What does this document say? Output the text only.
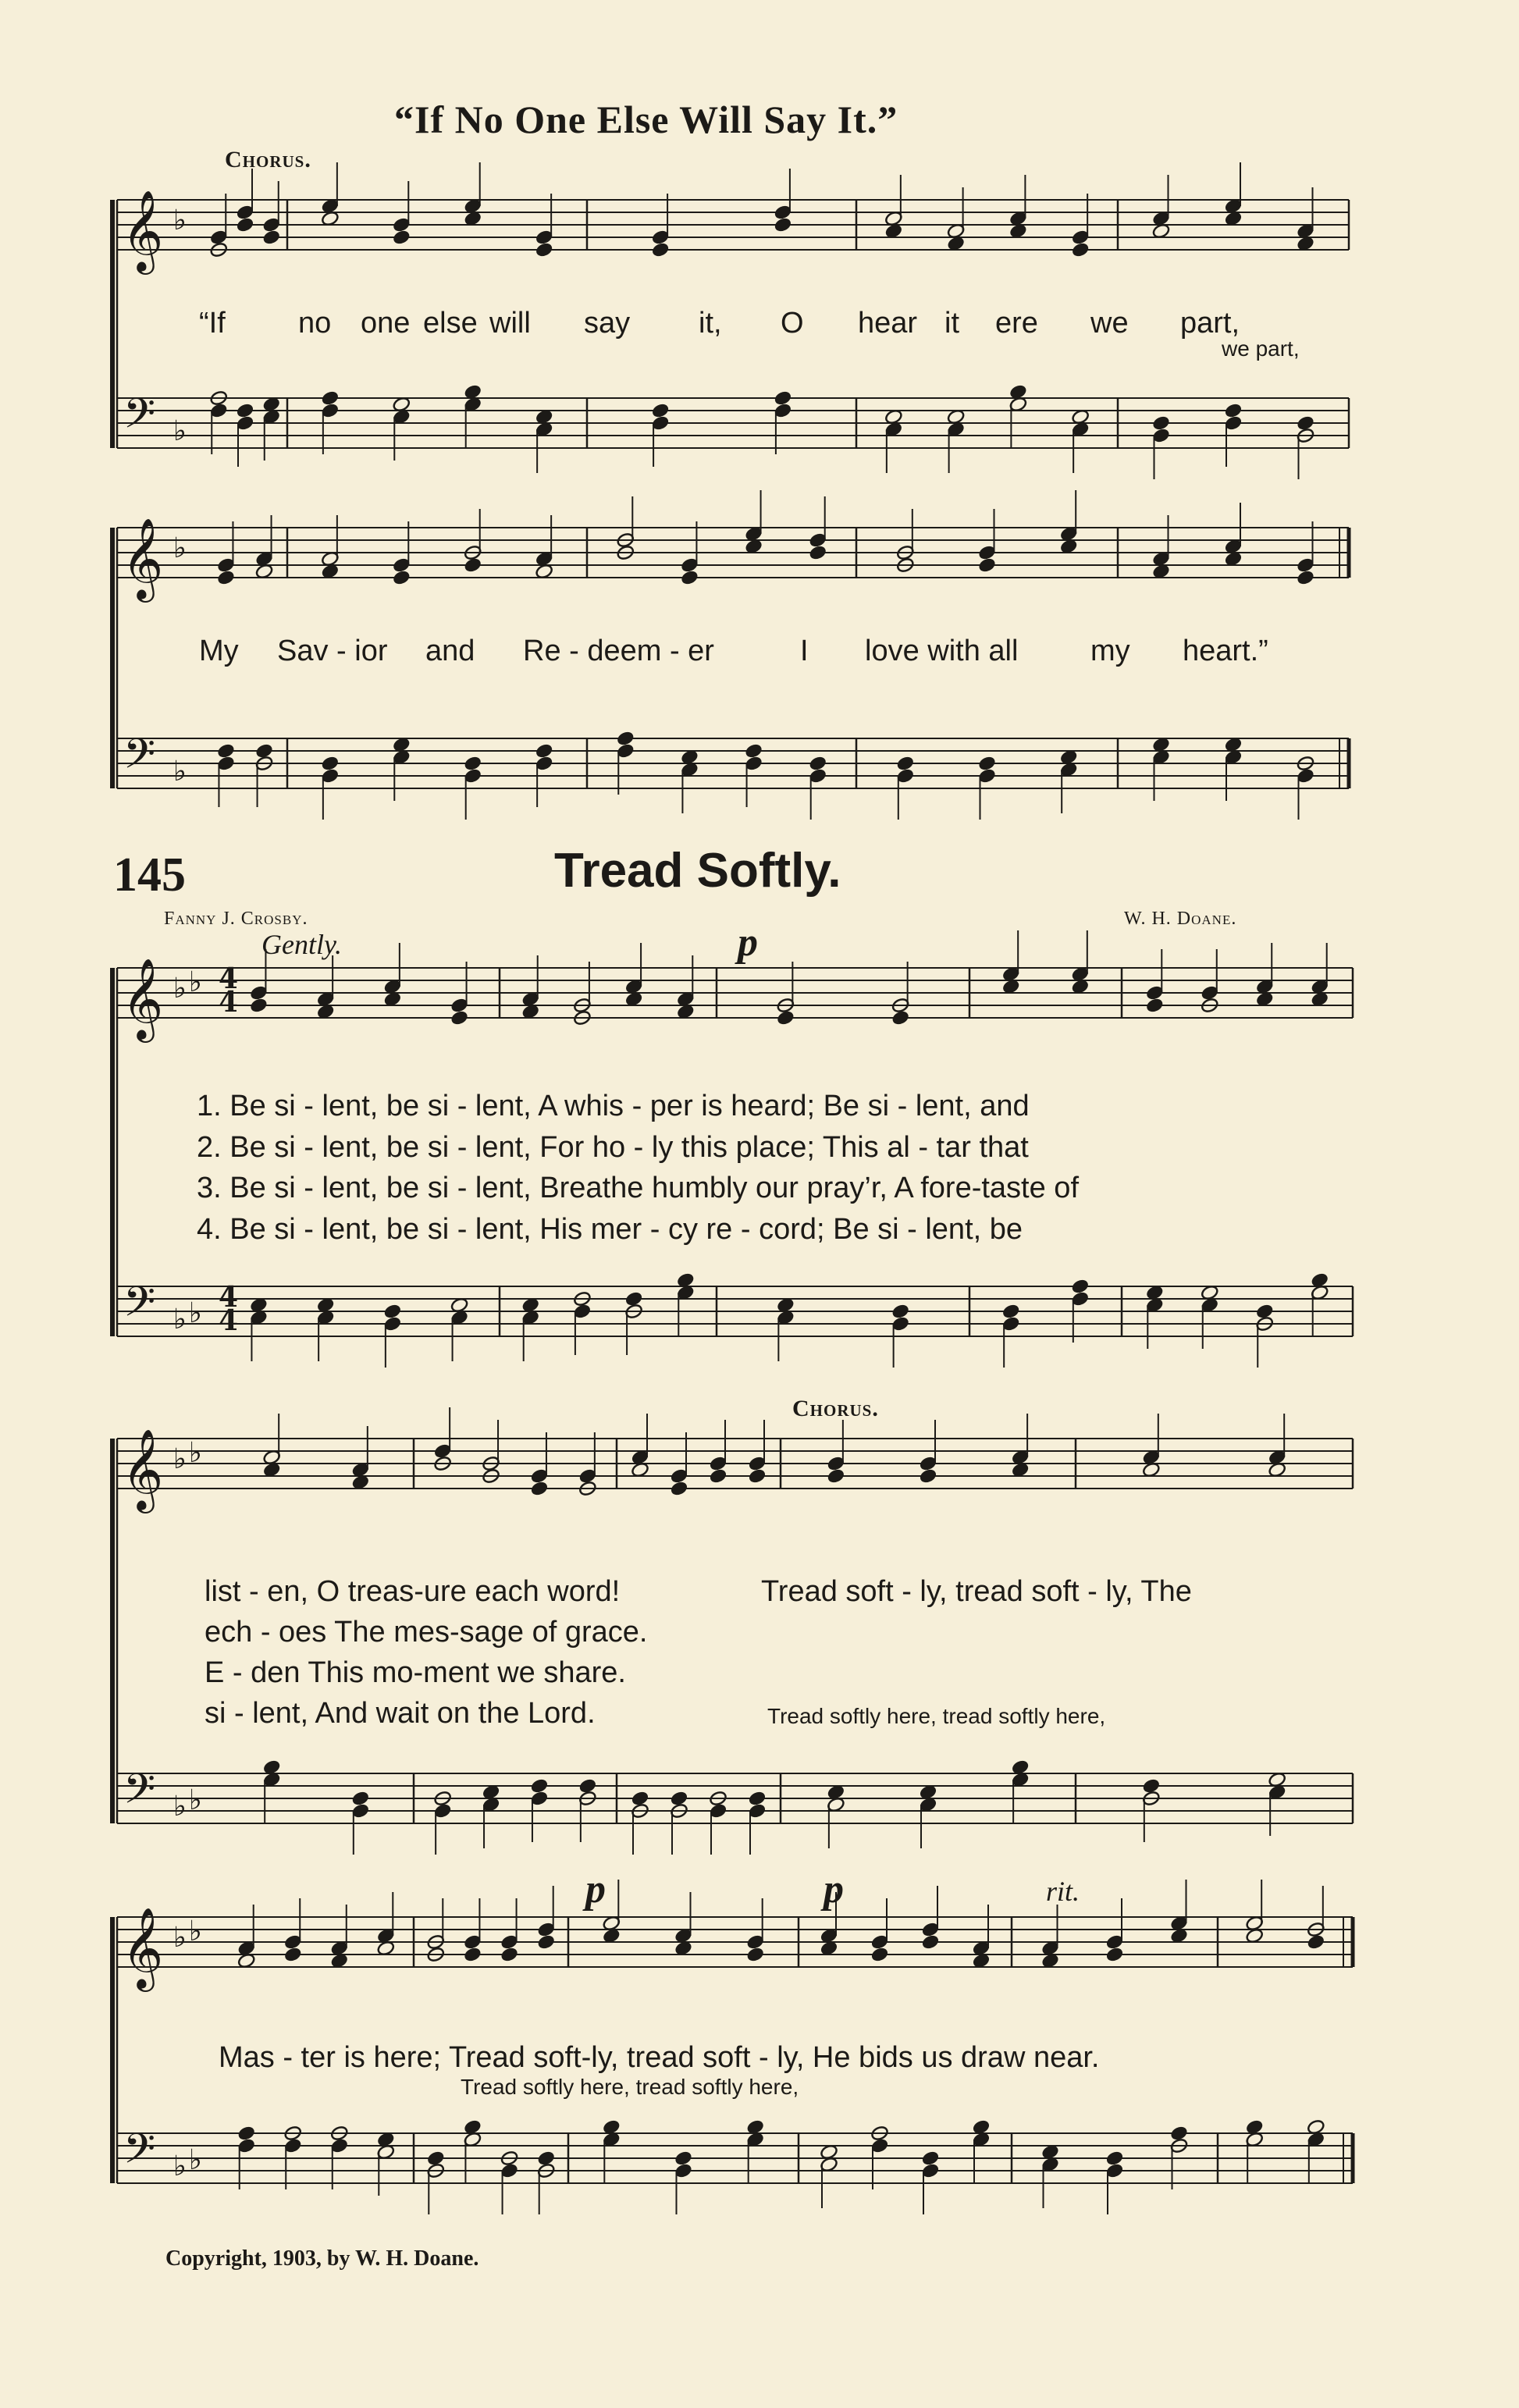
𝄞
𝄢
♭
♭
𝄞
𝄢
♭
♭
𝄞
𝄢
♭
♭
♭
♭
𝄞
𝄢
♭
♭
♭
♭
𝄞
𝄢
♭
♭
♭
♭
4
4
4
4
“If No One Else Will Say It.”
Chorus.
“If no one else will say it, O hear it ere we part,
we part,
My Sav - ior and Re - deem - er	I love with all my heart.”
145	Tread Softly.
Fanny J. Crosby.	W. H. Doane.
Gently.	p
1. Be si - lent, be si - lent, A whis - per is heard; Be si - lent, and
2. Be si - lent, be si - lent, For ho - ly this place; This al - tar that
3. Be si - lent, be si - lent, Breathe humbly our pray’r, A fore-taste of
4. Be si - lent, be si - lent, His mer - cy re - cord; Be si - lent, be
Chorus.
list - en, O treas-ure each word!
ech - oes The mes-sage of grace.
E - den This mo-ment we share.
si - lent, And wait on the Lord.
Tread soft - ly, tread soft - ly, The
Tread softly here, tread softly here,
p	p	rit.
Mas - ter is here; Tread soft-ly, tread soft - ly, He bids us draw near.
Tread softly here, tread softly here,
Copyright, 1903, by W. H. Doane.
